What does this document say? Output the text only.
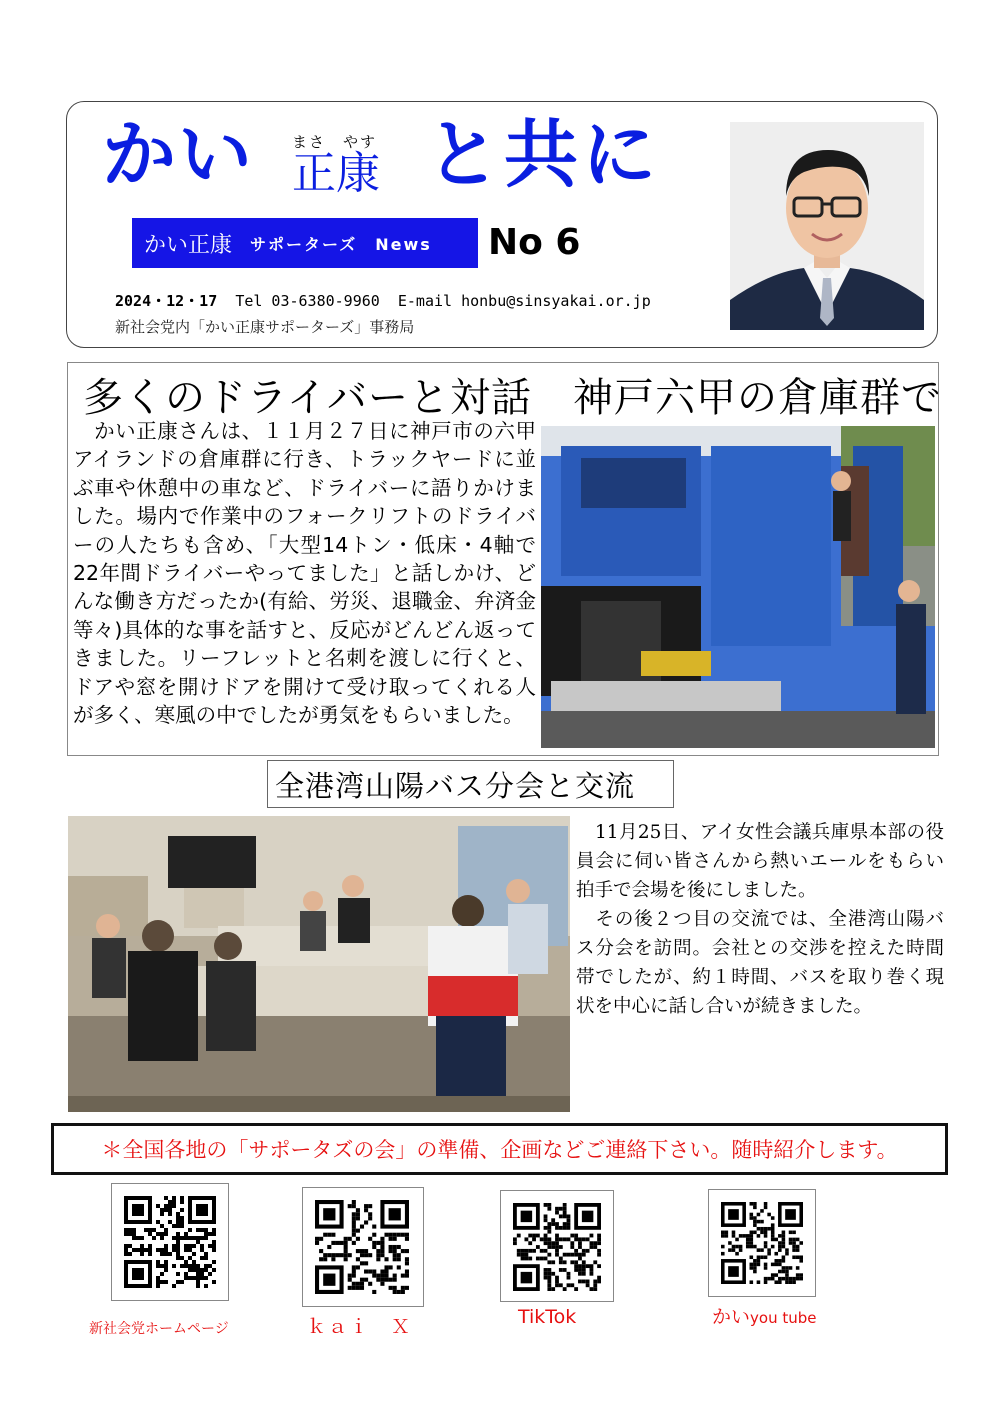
かい	まさ　やす
正康 と共に
かい正康 サポーターズ　News No 6
2024・12・17 Tel 03-6380-9960 E-mail honbu@sinsyakai.or.jp
新社会党内「かい正康サポーターズ」事務局
多くのドライバーと対話　神戸六甲の倉庫群で
　かい正康さんは、１１月２７日に神戸市の六甲アイランドの倉庫群に行き、トラックヤードに並ぶ車や休憩中の車など、ドライバーに語りかけました。場内で作業中のフォークリフトのドライバーの人たちも含め、「大型14トン・低床・4軸で22年間ドライバーやってました」と話しかけ、どんな働き方だったか(有給、労災、退職金、弁済金等々)具体的な事を話すと、反応がどんどん返ってきました。リーフレットと名刺を渡しに行くと、ドアや窓を開けドアを開けて受け取ってくれる人が多く、寒風の中でしたが勇気をもらいました。
全港湾山陽バス分会と交流

　11月25日、アイ女性会議兵庫県本部の役員会に伺い皆さんから熱いエールをもらい拍手で会場を後にしました。

　その後２つ目の交流では、全港湾山陽バス分会を訪問。会社との交渉を控えた時間帯でしたが、約１時間、バスを取り巻く現状を中心に話し合いが続きました。

＊全国各地の「サポータズの会」の準備、企画などご連絡下さい。随時紹介します。
新社会党ホームページ	ｋａｉ　Ｘ	TikTok	かいyou tube
